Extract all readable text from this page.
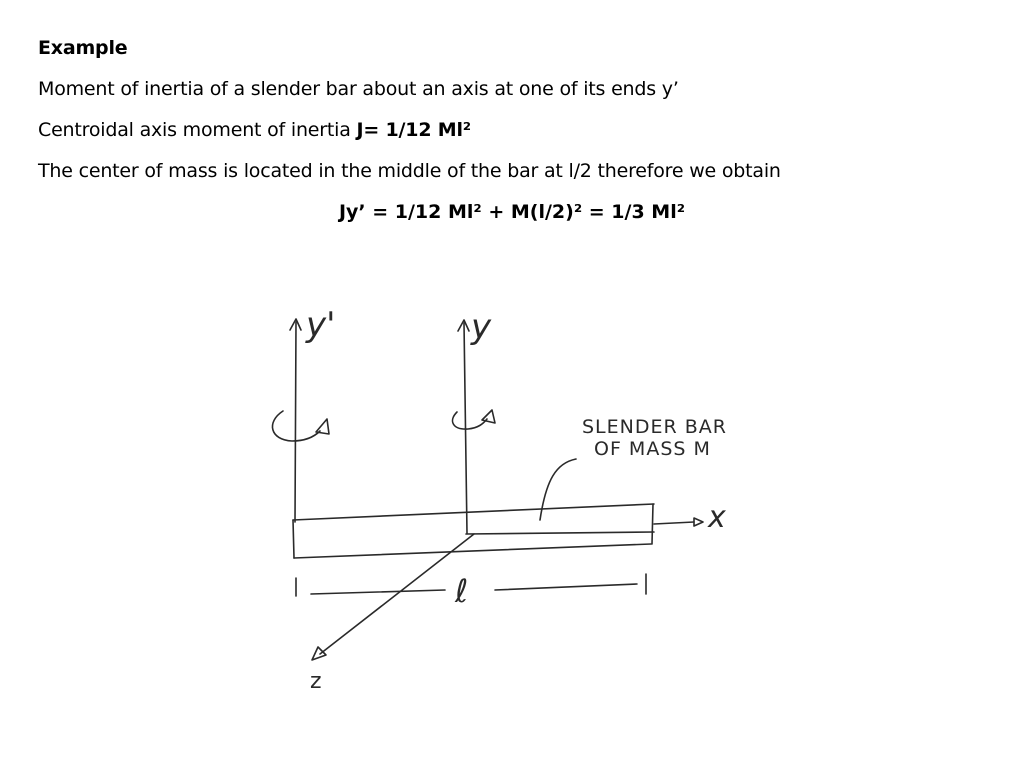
Example
Moment of inertia of a slender bar about an axis at one of its ends y’
Centroidal axis moment of inertia J= 1/12 Ml²
The center of mass is located in the middle of the bar at l/2 therefore we obtain
Jy’ = 1/12 Ml² + M(l/2)² = 1/3 Ml²
y'	y
x
z
ℓ
SLENDER BAR
OF MASS M
